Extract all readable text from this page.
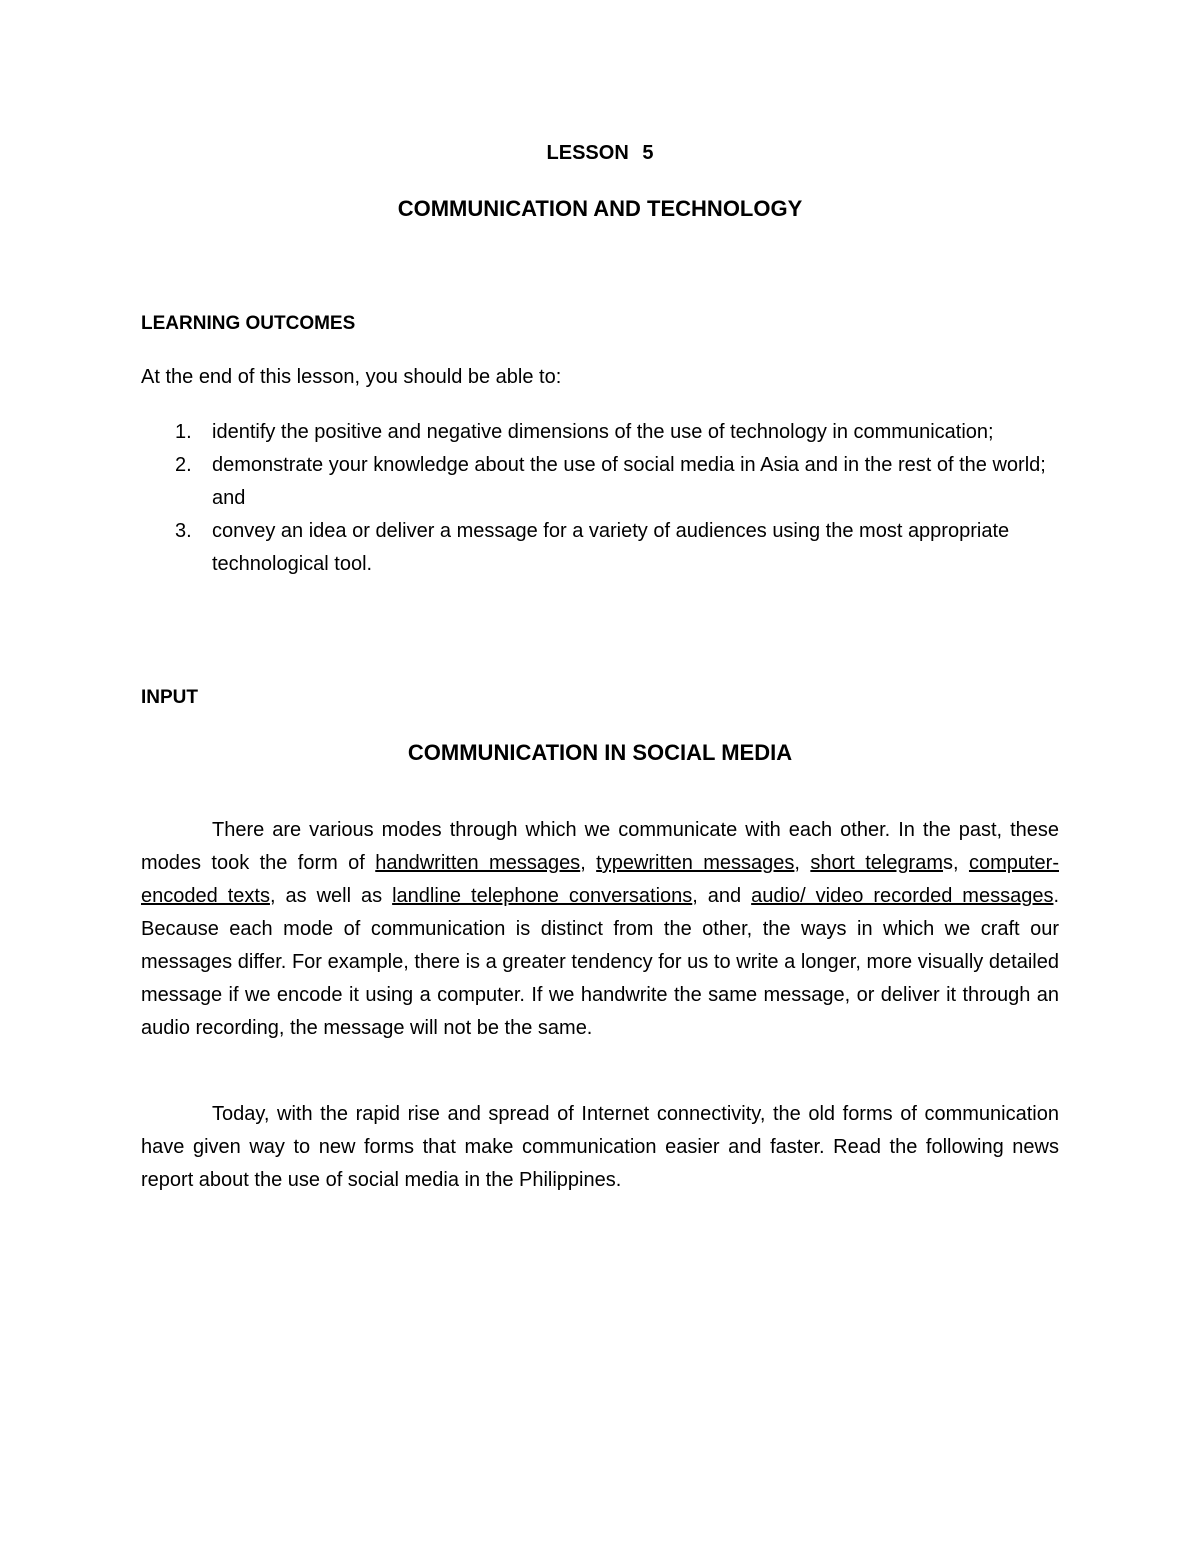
LESSON 5
COMMUNICATION AND TECHNOLOGY
LEARNING OUTCOMES

At the end of this lesson, you should be able to:

1. identify the positive and negative dimensions of the use of technology in communication;
2. demonstrate your knowledge about the use of social media in Asia and in the rest of the world; and
3. convey an idea or deliver a message for a variety of audiences using the most appropriate technological tool.
INPUT
COMMUNICATION IN SOCIAL MEDIA

There are various modes through which we communicate with each other. In the past, these modes took the form of handwritten messages, typewritten messages, short telegrams, computer-encoded texts, as well as landline telephone conversations, and audio/ video recorded messages. Because each mode of communication is distinct from the other, the ways in which we craft our messages differ. For example, there is a greater tendency for us to write a longer, more visually detailed message if we encode it using a computer. If we handwrite the same message, or deliver it through an audio recording, the message will not be the same.

Today, with the rapid rise and spread of Internet connectivity, the old forms of communication have given way to new forms that make communication easier and faster. Read the following news report about the use of social media in the Philippines.
